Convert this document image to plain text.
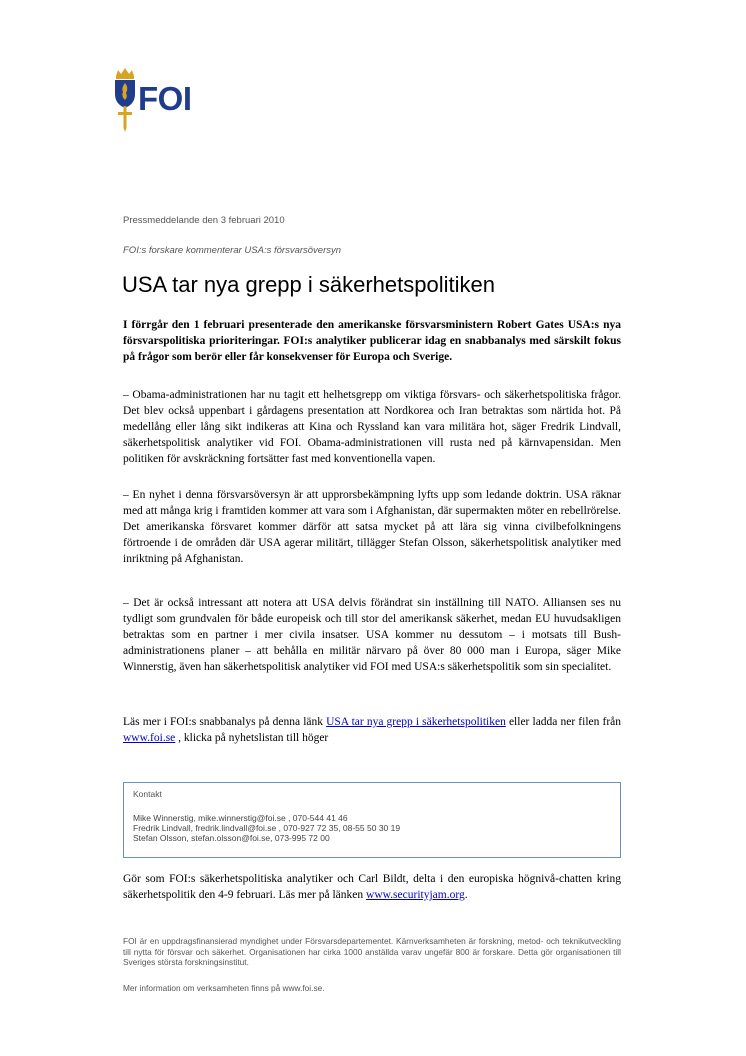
FOI
Pressmeddelande den 3 februari 2010
FOI:s forskare kommenterar USA:s försvarsöversyn
USA tar nya grepp i säkerhetspolitiken
I förrgår den 1 februari presenterade den amerikanske försvarsministern Robert Gates USA:s nya försvarspolitiska prioriteringar. FOI:s analytiker publicerar idag en snabbanalys med särskilt fokus på frågor som berör eller får konsekvenser för Europa och Sverige.

– Obama-administrationen har nu tagit ett helhetsgrepp om viktiga försvars- och säkerhetspolitiska frågor. Det blev också uppenbart i gårdagens presentation att Nordkorea och Iran betraktas som närtida hot. På medellång eller lång sikt indikeras att Kina och Ryssland kan vara militära hot, säger Fredrik Lindvall, säkerhetspolitisk analytiker vid FOI. Obama-administrationen vill rusta ned på kärnvapensidan. Men politiken för avskräckning fortsätter fast med konventionella vapen.

– En nyhet i denna försvarsöversyn är att upprorsbekämpning lyfts upp som ledande doktrin. USA räknar med att många krig i framtiden kommer att vara som i Afghanistan, där supermakten möter en rebellrörelse. Det amerikanska försvaret kommer därför att satsa mycket på att lära sig vinna civilbefolkningens förtroende i de områden där USA agerar militärt, tillägger Stefan Olsson, säkerhetspolitisk analytiker med inriktning på Afghanistan.

– Det är också intressant att notera att USA delvis förändrat sin inställning till NATO. Alliansen ses nu tydligt som grundvalen för både europeisk och till stor del amerikansk säkerhet, medan EU huvudsakligen betraktas som en partner i mer civila insatser. USA kommer nu dessutom – i motsats till Bush-administrationens planer – att behålla en militär närvaro på över 80 000 man i Europa, säger Mike Winnerstig, även han säkerhetspolitisk analytiker vid FOI med USA:s säkerhetspolitik som sin specialitet.

Läs mer i FOI:s snabbanalys på denna länk USA tar nya grepp i säkerhetspolitiken eller ladda ner filen från www.foi.se , klicka på nyhetslistan till höger

Kontakt
Mike Winnerstig, mike.winnerstig@foi.se , 070-544 41 46
Fredrik Lindvall, fredrik.lindvall@foi.se , 070-927 72 35, 08-55 50 30 19
Stefan Olsson, stefan.olsson@foi.se, 073-995 72 00

Gör som FOI:s säkerhetspolitiska analytiker och Carl Bildt, delta i den europiska högnivå-chatten kring säkerhetspolitik den 4-9 februari. Läs mer på länken www.securityjam.org.

FOI är en uppdragsfinansierad myndighet under Försvarsdepartementet. Kärnverksamheten är forskning, metod- och teknikutveckling till nytta för försvar och säkerhet. Organisationen har cirka 1000 anställda varav ungefär 800 är forskare. Detta gör organisationen till Sveriges största forskningsinstitut.
Mer information om verksamheten finns på www.foi.se.
